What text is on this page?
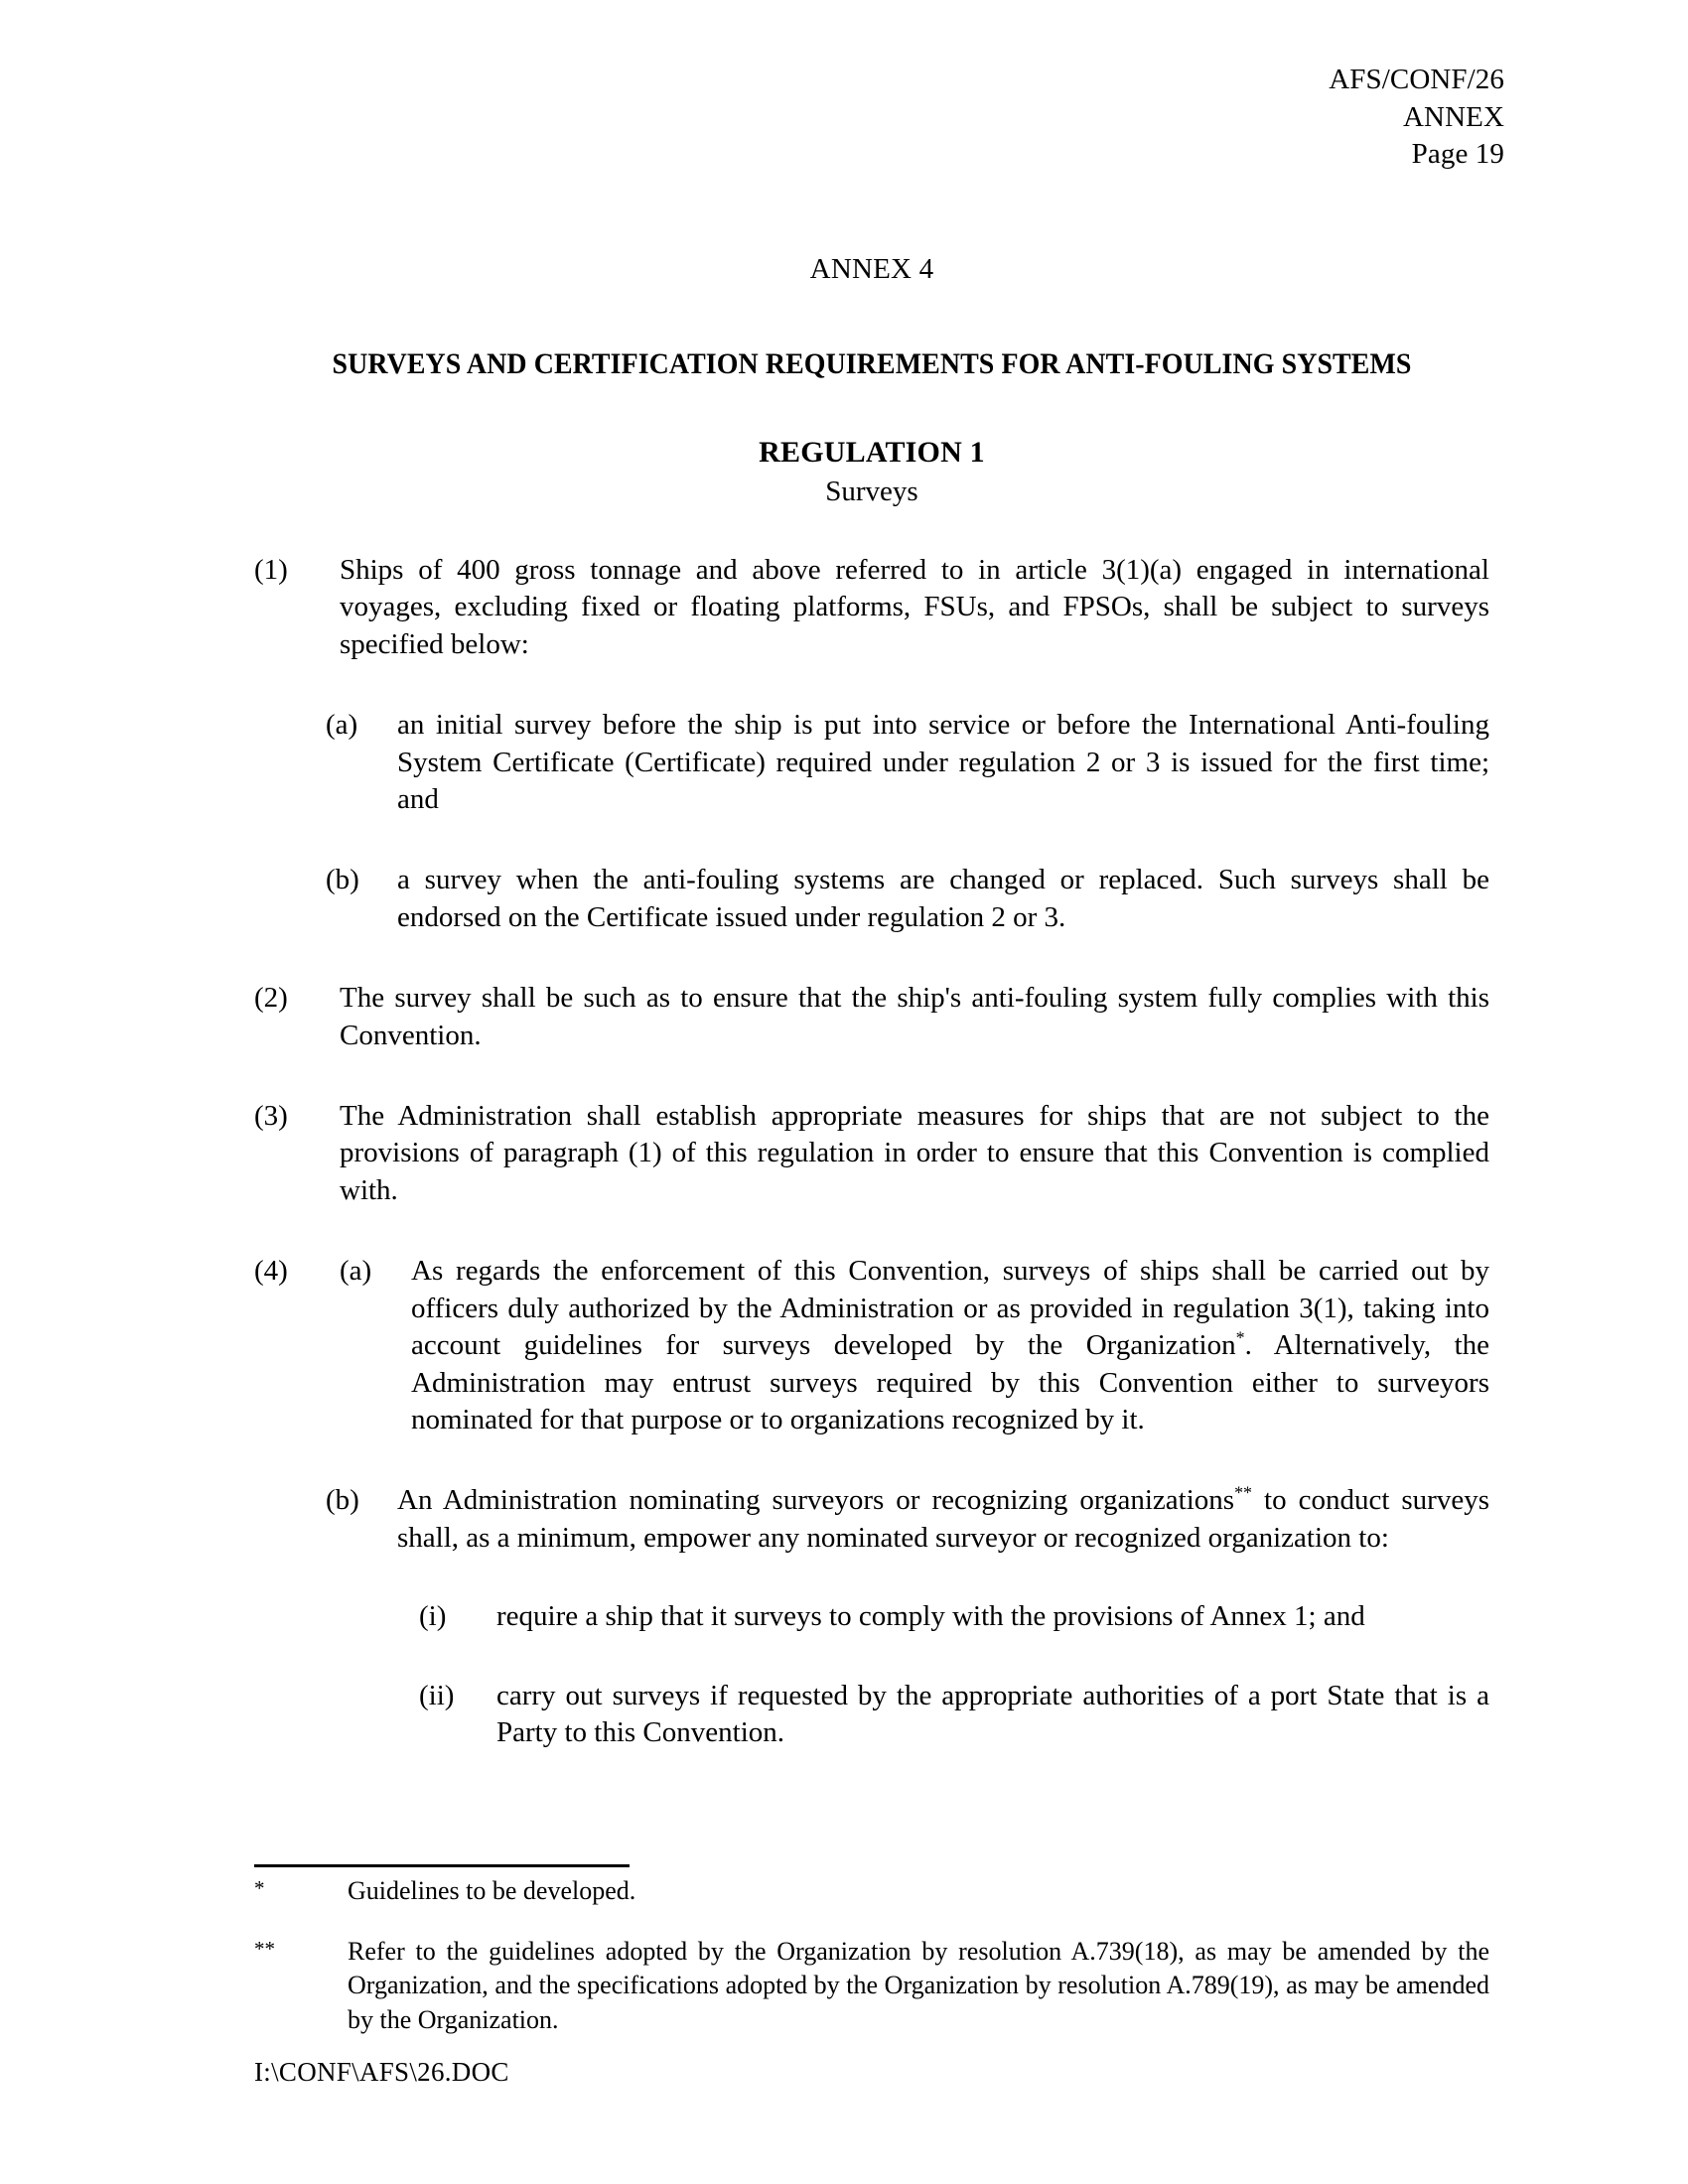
AFS/CONF/26
ANNEX
Page 19
ANNEX 4
SURVEYS AND CERTIFICATION REQUIREMENTS FOR ANTI-FOULING SYSTEMS
REGULATION 1
Surveys
(1)	Ships of 400 gross tonnage and above referred to in article 3(1)(a) engaged in international voyages, excluding fixed or floating platforms, FSUs, and FPSOs, shall be subject to surveys specified below:

(a)	an initial survey before the ship is put into service or before the International Anti-fouling System Certificate (Certificate) required under regulation 2 or 3 is issued for the first time; and

(b)	a survey when the anti-fouling systems are changed or replaced. Such surveys shall be endorsed on the Certificate issued under regulation 2 or 3.

(2)	The survey shall be such as to ensure that the ship's anti-fouling system fully complies with this Convention.

(3)	The Administration shall establish appropriate measures for ships that are not subject to the provisions of paragraph (1) of this regulation in order to ensure that this Convention is complied with.

(4)	(a)	As regards the enforcement of this Convention, surveys of ships shall be carried out by officers duly authorized by the Administration or as provided in regulation 3(1), taking into account guidelines for surveys developed by the Organization*. Alternatively, the Administration may entrust surveys required by this Convention either to surveyors nominated for that purpose or to organizations recognized by it.

(b)	An Administration nominating surveyors or recognizing organizations** to conduct surveys shall, as a minimum, empower any nominated surveyor or recognized organization to:

(i)	require a ship that it surveys to comply with the provisions of Annex 1; and

(ii)	carry out surveys if requested by the appropriate authorities of a port State that is a Party to this Convention.

*	Guidelines to be developed.
**	Refer to the guidelines adopted by the Organization by resolution A.739(18), as may be amended by the Organization, and the specifications adopted by the Organization by resolution A.789(19), as may be amended by the Organization.
I:\CONF\AFS\26.DOC
